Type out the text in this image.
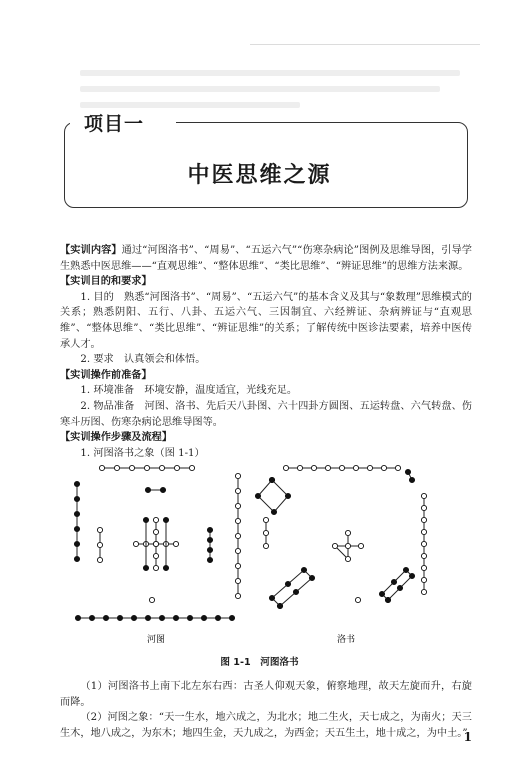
项目一
中医思维之源

【实训内容】通过“河图洛书”、“周易”、“五运六气”“伤寒杂病论”图例及思维导图，引导学生熟悉中医思维——“直观思维”、“整体思维”、“类比思维”、“辨证思维”的思维方法来源。

【实训目的和要求】

1. 目的　熟悉“河图洛书”、“周易”、“五运六气”的基本含义及其与“象数理”思维模式的关系；熟悉阴阳、五行、八卦、五运六气、三因制宜、六经辨证、杂病辨证与“直观思维”、“整体思维”、“类比思维”、“辨证思维”的关系；了解传统中医诊法要素，培养中医传承人才。

2. 要求　认真领会和体悟。

【实训操作前准备】

1. 环境准备　环境安静，温度适宜，光线充足。

2. 物品准备　河图、洛书、先后天八卦图、六十四卦方圆图、五运转盘、六气转盘、伤寒斗历图、伤寒杂病论思维导图等。

【实训操作步骤及流程】

1. 河图洛书之象（图 1-1）

河图	洛书
图 1-1　河图洛书

（1）河图洛书上南下北左东右西：古圣人仰观天象，俯察地理，故天左旋而升，右旋而降。

（2）河图之象：“天一生水，地六成之，为北水；地二生火，天七成之，为南火；天三生木，地八成之，为东木；地四生金，天九成之，为西金；天五生土，地十成之，为中土。”

1
